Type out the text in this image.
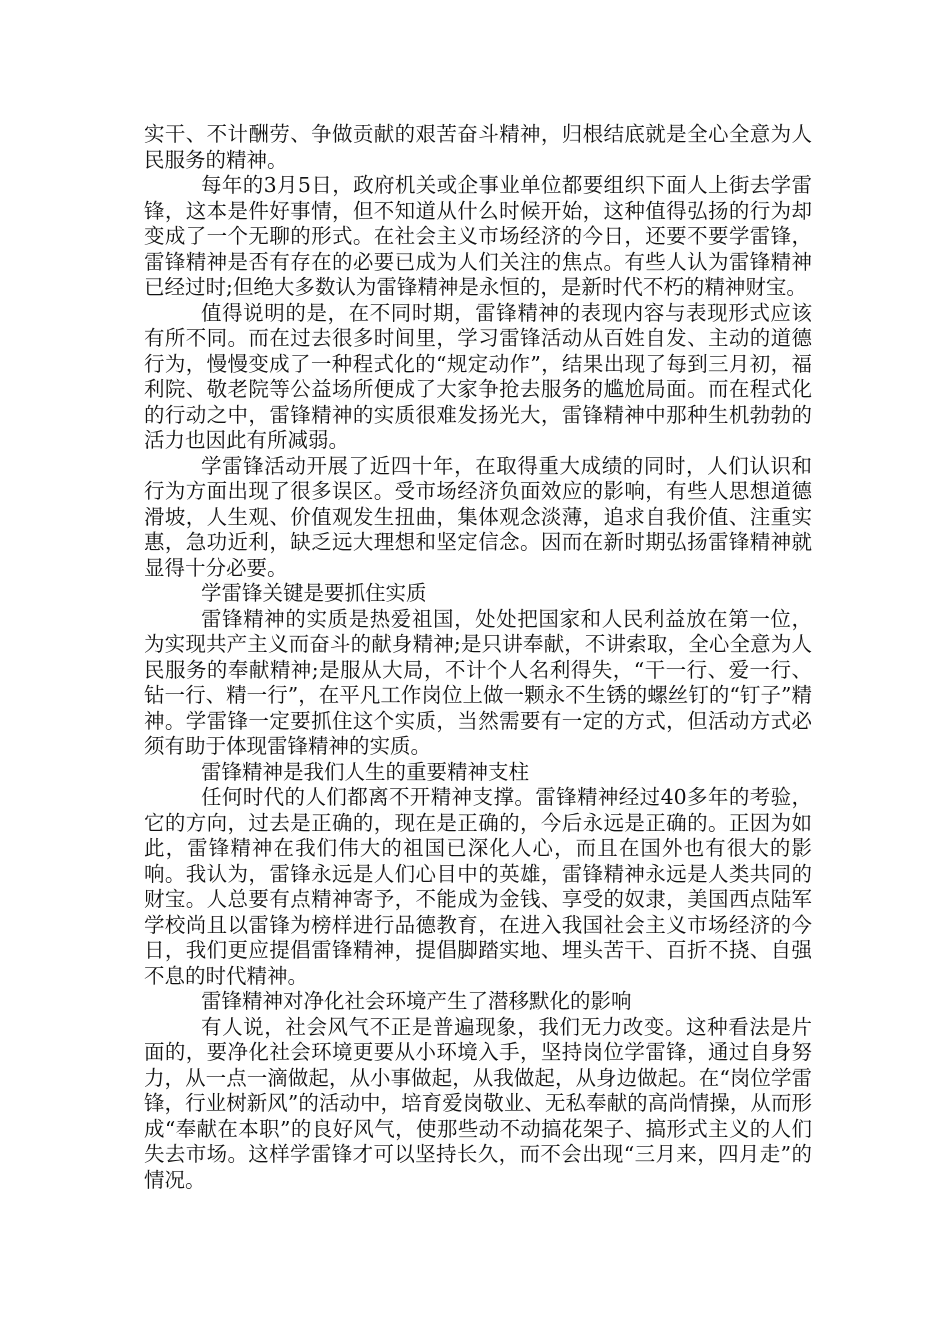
实干、不计酬劳、争做贡献的艰苦奋斗精神，归根结底就是全心全意为人民服务的精神。

每年的3月5日，政府机关或企事业单位都要组织下面人上街去学雷锋，这本是件好事情，但不知道从什么时候开始，这种值得弘扬的行为却变成了一个无聊的形式。在社会主义市场经济的今日，还要不要学雷锋，雷锋精神是否有存在的必要已成为人们关注的焦点。有些人认为雷锋精神已经过时;但绝大多数认为雷锋精神是永恒的，是新时代不朽的精神财宝。

值得说明的是，在不同时期，雷锋精神的表现内容与表现形式应该有所不同。而在过去很多时间里，学习雷锋活动从百姓自发、主动的道德行为，慢慢变成了一种程式化的“规定动作”，结果出现了每到三月初，福利院、敬老院等公益场所便成了大家争抢去服务的尴尬局面。而在程式化的行动之中，雷锋精神的实质很难发扬光大，雷锋精神中那种生机勃勃的活力也因此有所减弱。

学雷锋活动开展了近四十年，在取得重大成绩的同时，人们认识和行为方面出现了很多误区。受市场经济负面效应的影响，有些人思想道德滑坡，人生观、价值观发生扭曲，集体观念淡薄，追求自我价值、注重实惠，急功近利，缺乏远大理想和坚定信念。因而在新时期弘扬雷锋精神就显得十分必要。

学雷锋关键是要抓住实质

雷锋精神的实质是热爱祖国，处处把国家和人民利益放在第一位，为实现共产主义而奋斗的献身精神;是只讲奉献，不讲索取，全心全意为人民服务的奉献精神;是服从大局，不计个人名利得失，“干一行、爱一行、钻一行、精一行”，在平凡工作岗位上做一颗永不生锈的螺丝钉的“钉子”精神。学雷锋一定要抓住这个实质，当然需要有一定的方式，但活动方式必须有助于体现雷锋精神的实质。

雷锋精神是我们人生的重要精神支柱

任何时代的人们都离不开精神支撑。雷锋精神经过40多年的考验，它的方向，过去是正确的，现在是正确的，今后永远是正确的。正因为如此，雷锋精神在我们伟大的祖国已深化人心，而且在国外也有很大的影响。我认为，雷锋永远是人们心目中的英雄，雷锋精神永远是人类共同的财宝。人总要有点精神寄予，不能成为金钱、享受的奴隶，美国西点陆军学校尚且以雷锋为榜样进行品德教育，在进入我国社会主义市场经济的今日，我们更应提倡雷锋精神，提倡脚踏实地、埋头苦干、百折不挠、自强不息的时代精神。

雷锋精神对净化社会环境产生了潜移默化的影响

有人说，社会风气不正是普遍现象，我们无力改变。这种看法是片面的，要净化社会环境更要从小环境入手，坚持岗位学雷锋，通过自身努力，从一点一滴做起，从小事做起，从我做起，从身边做起。在“岗位学雷锋，行业树新风”的活动中，培育爱岗敬业、无私奉献的高尚情操，从而形成“奉献在本职”的良好风气，使那些动不动搞花架子、搞形式主义的人们失去市场。这样学雷锋才可以坚持长久，而不会出现“三月来，四月走”的情况。
